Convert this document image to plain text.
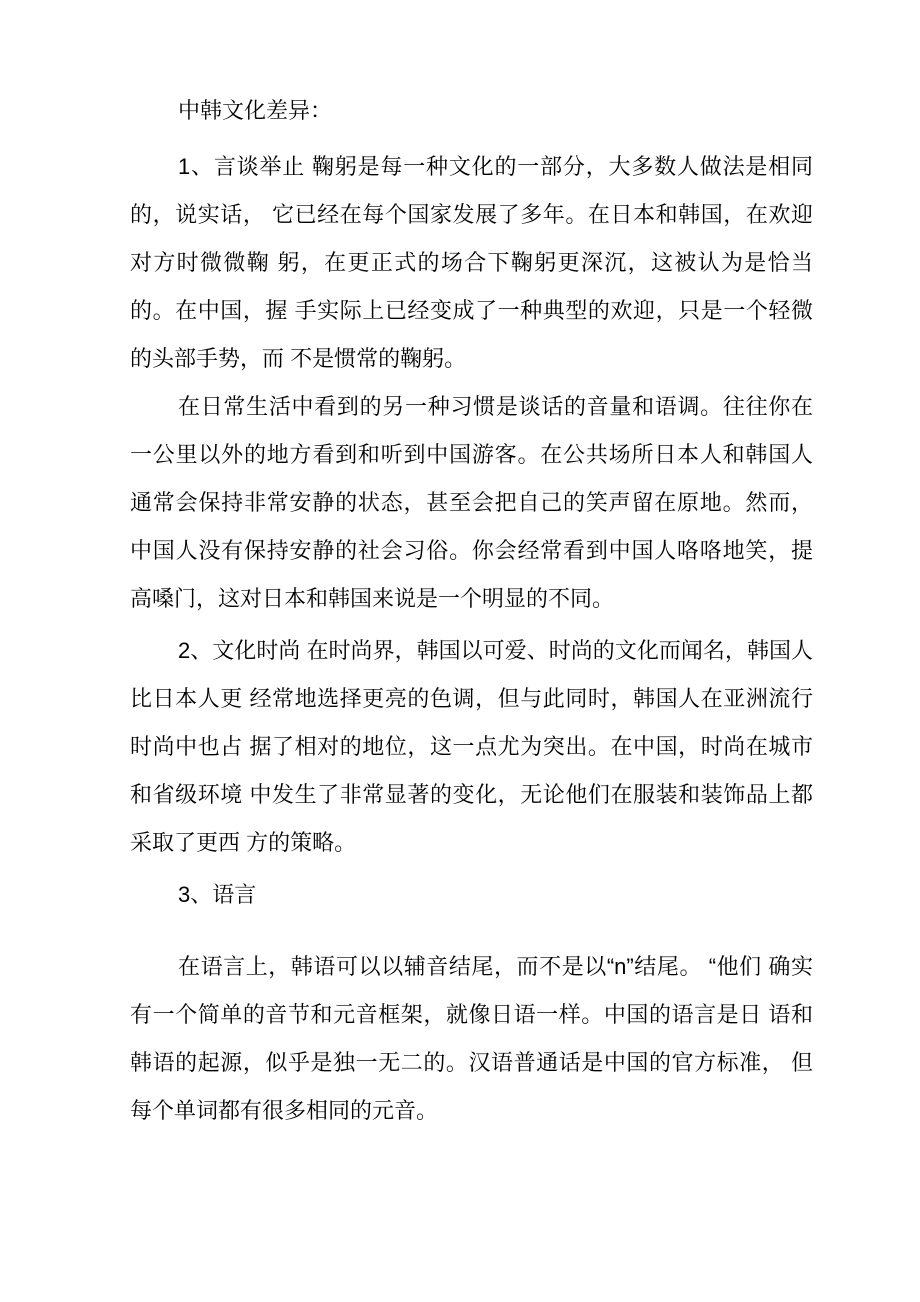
中韩文化差异：

1、言谈举止 鞠躬是每一种文化的一部分，大多数人做法是相同的，说实话， 它已经在每个国家发展了多年。在日本和韩国，在欢迎对方时微微鞠 躬，在更正式的场合下鞠躬更深沉，这被认为是恰当的。在中国，握 手实际上已经变成了一种典型的欢迎，只是一个轻微的头部手势，而 不是惯常的鞠躬。

在日常生活中看到的另一种习惯是谈话的音量和语调。往往你在 一公里以外的地方看到和听到中国游客。在公共场所日本人和韩国人 通常会保持非常安静的状态，甚至会把自己的笑声留在原地。然而， 中国人没有保持安静的社会习俗。你会经常看到中国人咯咯地笑，提 高嗓门，这对日本和韩国来说是一个明显的不同。

2、文化时尚 在时尚界，韩国以可爱、时尚的文化而闻名，韩国人比日本人更 经常地选择更亮的色调，但与此同时，韩国人在亚洲流行时尚中也占 据了相对的地位，这一点尤为突出。在中国，时尚在城市和省级环境 中发生了非常显著的变化，无论他们在服装和装饰品上都采取了更西 方的策略。

3、语言

在语言上，韩语可以以辅音结尾，而不是以“n”结尾。 “他们 确实有一个简单的音节和元音框架，就像日语一样。中国的语言是日 语和韩语的起源，似乎是独一无二的。汉语普通话是中国的官方标准， 但每个单词都有很多相同的元音。
